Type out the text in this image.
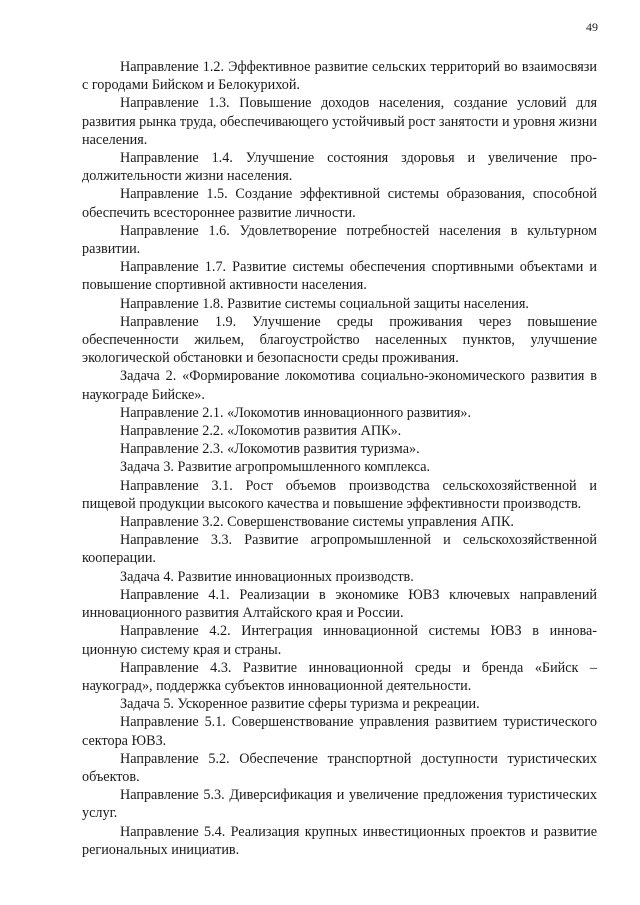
49

Направление 1.2. Эффективное развитие сельских территорий во взаимосвязи с городами Бийском и Белокурихой.

Направление 1.3. Повышение доходов населения, создание условий для развития рынка труда, обеспечивающего устойчивый рост занятости и уровня жизни населения.

Направление 1.4. Улучшение состояния здоровья и увеличение продолжительности жизни населения.

Направление 1.5. Создание эффективной системы образования, способной обеспечить всестороннее развитие личности.

Направление 1.6. Удовлетворение потребностей населения в культурном развитии.

Направление 1.7. Развитие системы обеспечения спортивными объектами и повышение спортивной активности населения.

Направление 1.8. Развитие системы социальной защиты населения.

Направление 1.9. Улучшение среды проживания через повышение обеспеченности жильем, благоустройство населенных пунктов, улучшение экологической обстановки и безопасности среды проживания.

Задача 2. «Формирование локомотива социально-экономического развития в наукограде Бийске».

Направление 2.1. «Локомотив инновационного развития».

Направление 2.2. «Локомотив развития АПК».

Направление 2.3. «Локомотив развития туризма».

Задача 3. Развитие агропромышленного комплекса.

Направление 3.1. Рост объемов производства сельскохозяйственной и пищевой продукции высокого качества и повышение эффективности производств.

Направление 3.2. Совершенствование системы управления АПК.

Направление 3.3. Развитие агропромышленной и сельскохозяйственной кооперации.

Задача 4. Развитие инновационных производств.

Направление 4.1. Реализации в экономике ЮВЗ ключевых направлений инновационного развития Алтайского края и России.

Направление 4.2. Интеграция инновационной системы ЮВЗ в инновационную систему края и страны.

Направление 4.3. Развитие инновационной среды и бренда «Бийск – наукоград», поддержка субъектов инновационной деятельности.

Задача 5. Ускоренное развитие сферы туризма и рекреации.

Направление 5.1. Совершенствование управления развитием туристического сектора ЮВЗ.

Направление 5.2. Обеспечение транспортной доступности туристических объектов.

Направление 5.3. Диверсификация и увеличение предложения туристических услуг.

Направление 5.4. Реализация крупных инвестиционных проектов и развитие региональных инициатив.
